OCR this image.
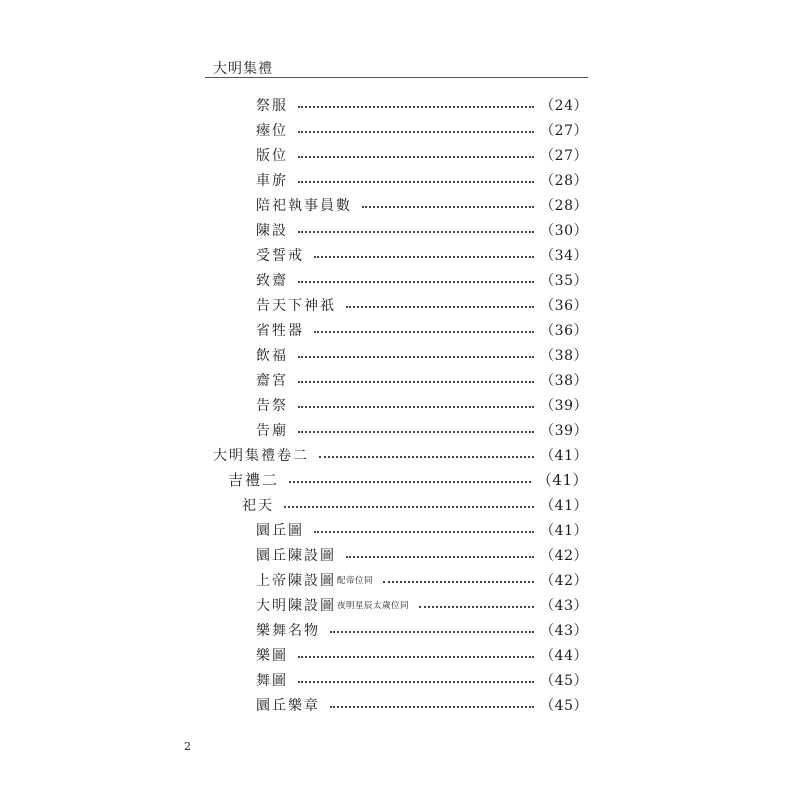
大明集禮
祭服	（24）
瘞位	（27）
版位	（27）
車旂	（28）
陪祀執事員數	（28）
陳設	（30）
受誓戒	（34）
致齋	（35）
告天下神祇	（36）
省牲器	（36）
飲福	（38）
齋宮	（38）
告祭	（39）
告廟	（39）
大明集禮卷二	（41）
吉禮二	（41）
祀天	（41）
圜丘圖	（41）
圜丘陳設圖	（42）
上帝陳設圖 配帝位同	（42）
大明陳設圖 夜明星辰太歲位同	（43）
樂舞名物	（43）
樂圖	（44）
舞圖	（45）
圜丘樂章	（45）
2
